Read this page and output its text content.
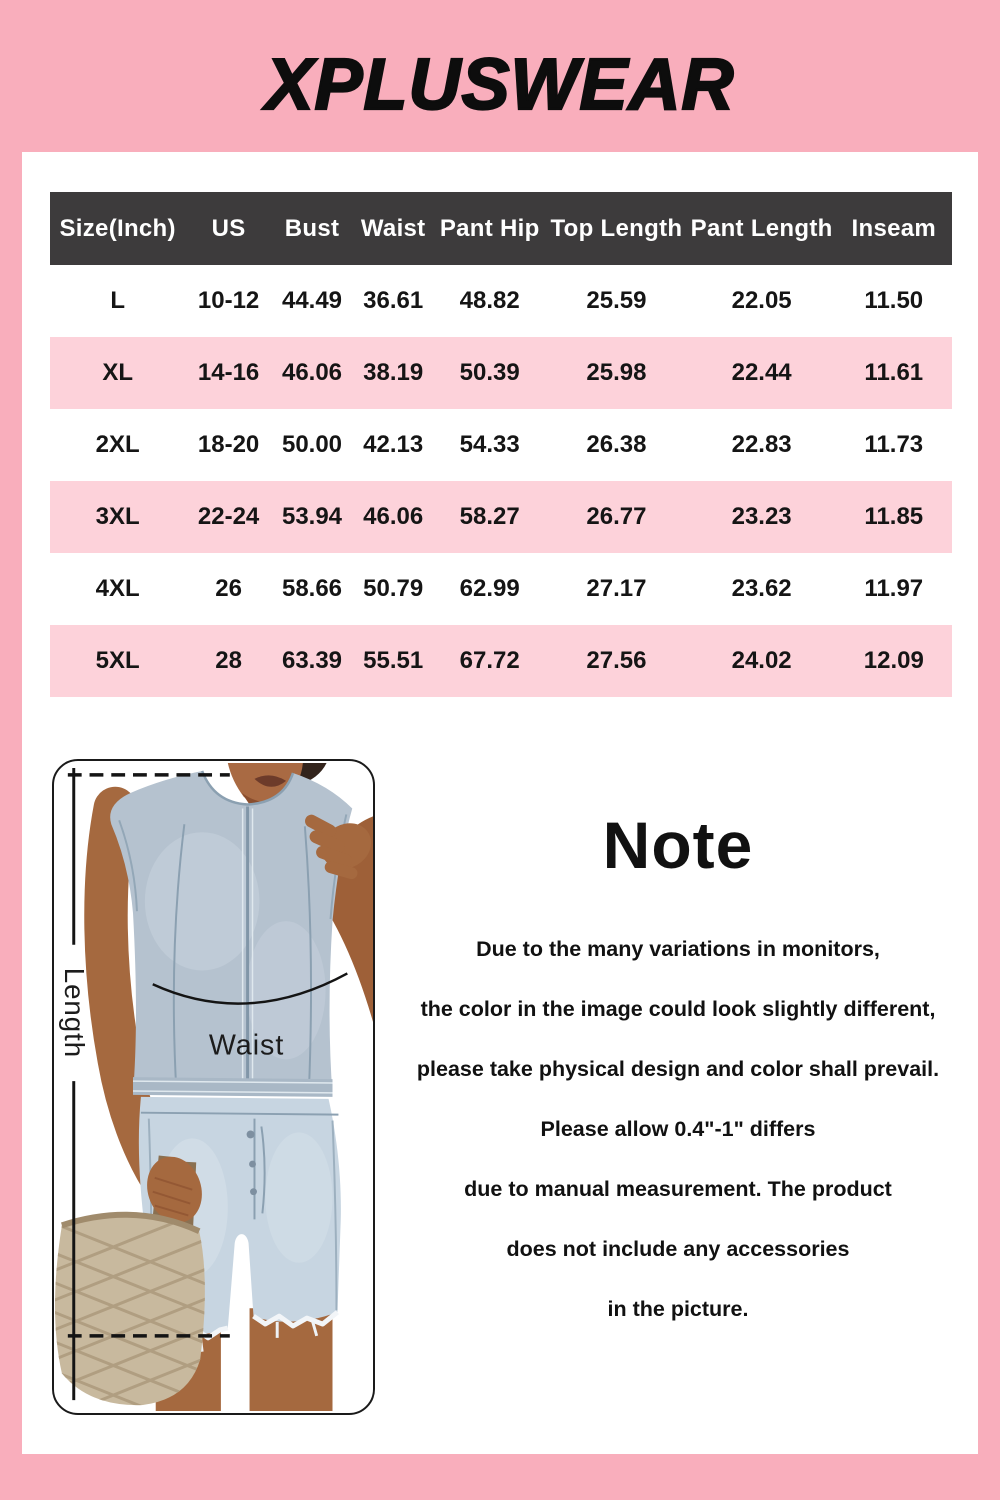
XPLUSWEAR
Size(Inch)	US	Bust	Waist	Pant Hip	Top Length	Pant Length	Inseam
L	10-12	44.49	36.61	48.82	25.59	22.05	11.50
XL	14-16	46.06	38.19	50.39	25.98	22.44	11.61
2XL	18-20	50.00	42.13	54.33	26.38	22.83	11.73
3XL	22-24	53.94	46.06	58.27	26.77	23.23	11.85
4XL	26	58.66	50.79	62.99	27.17	23.62	11.97
5XL	28	63.39	55.51	67.72	27.56	24.02	12.09
Length	Waist
Note
Due to the many variations in monitors,
the color in the image could look slightly different,
please take physical design and color shall prevail.
Please allow 0.4"-1" differs
due to manual measurement. The product
does not include any accessories
in the picture.
